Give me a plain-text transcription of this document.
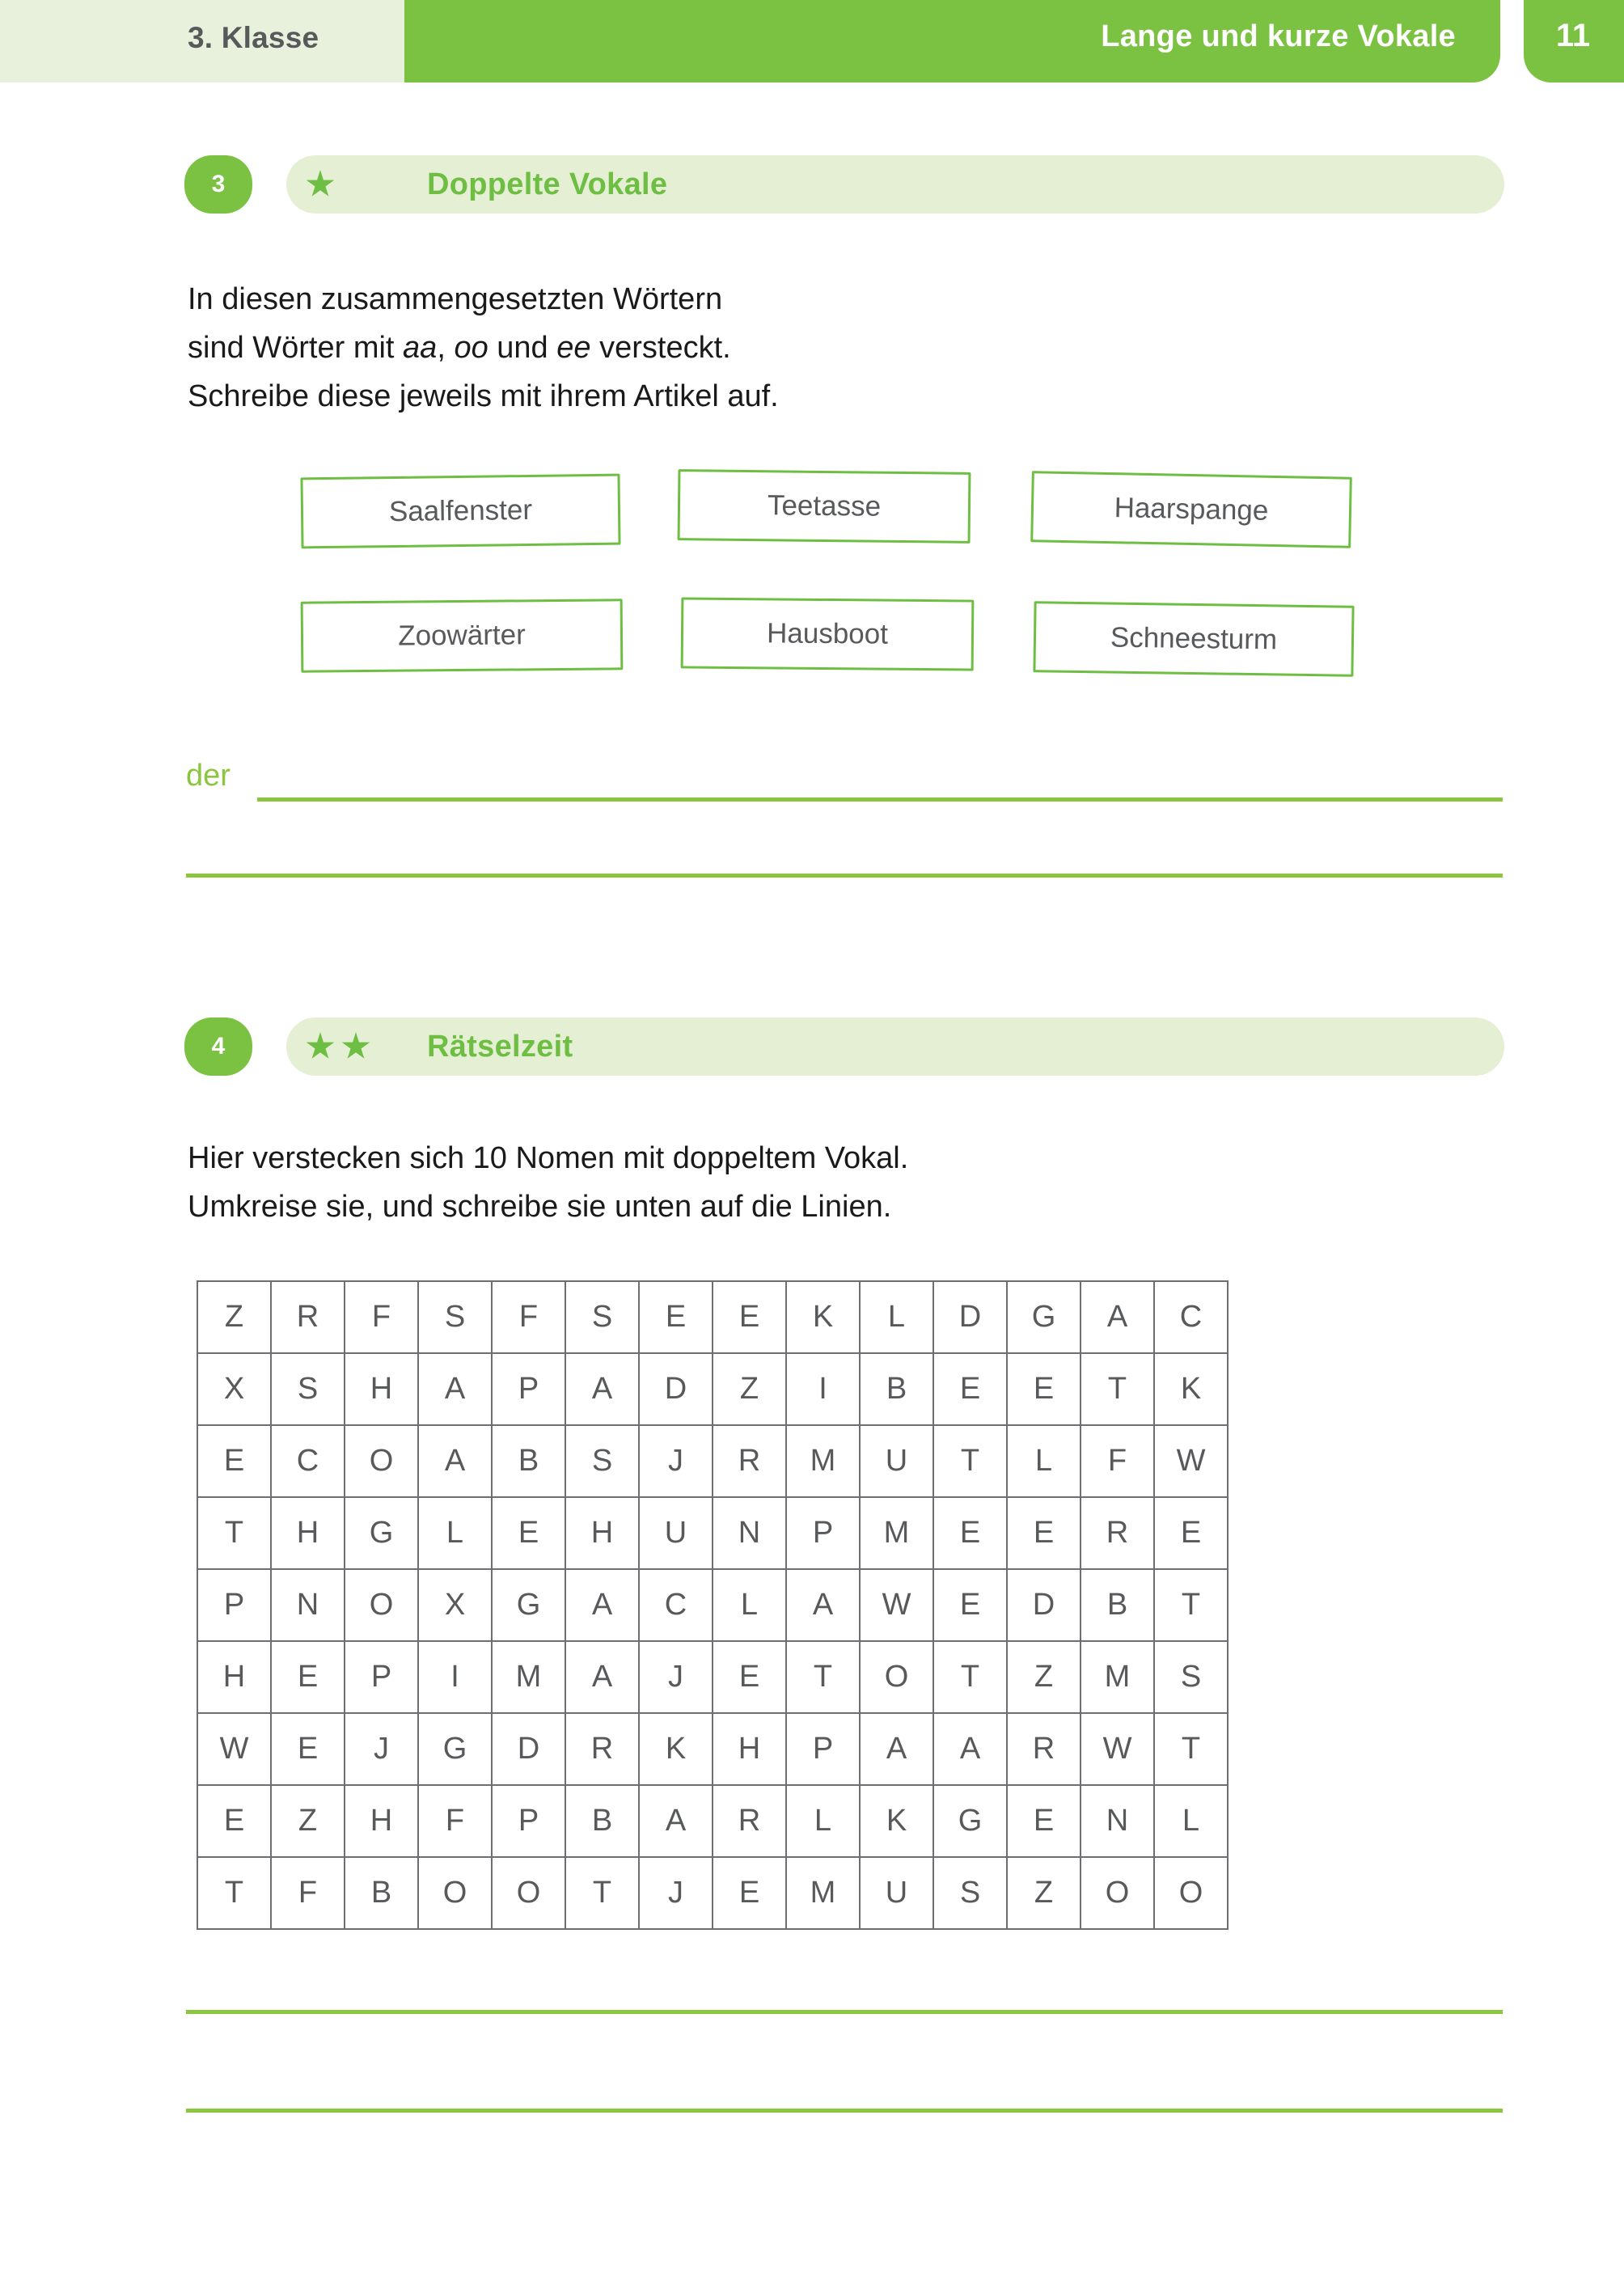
3. Klasse	Lange und kurze Vokale	11
3	Doppelte Vokale
In diesen zusammengesetzten Wörtern
sind Wörter mit aa, oo und ee versteckt.
Schreibe diese jeweils mit ihrem Artikel auf.
Saalfenster	Teetasse	Haarspange
Zoowärter	Hausboot	Schneesturm
der
4	Rätselzeit
Hier verstecken sich 10 Nomen mit doppeltem Vokal.
Umkreise sie, und schreibe sie unten auf die Linien.
Z	R	F	S	F	S	E	E	K	L	D	G	A	C
X	S	H	A	P	A	D	Z	I	B	E	E	T	K
E	C	O	A	B	S	J	R	M	U	T	L	F	W
T	H	G	L	E	H	U	N	P	M	E	E	R	E
P	N	O	X	G	A	C	L	A	W	E	D	B	T
H	E	P	I	M	A	J	E	T	O	T	Z	M	S
W	E	J	G	D	R	K	H	P	A	A	R	W	T
E	Z	H	F	P	B	A	R	L	K	G	E	N	L
T	F	B	O	O	T	J	E	M	U	S	Z	O	O
